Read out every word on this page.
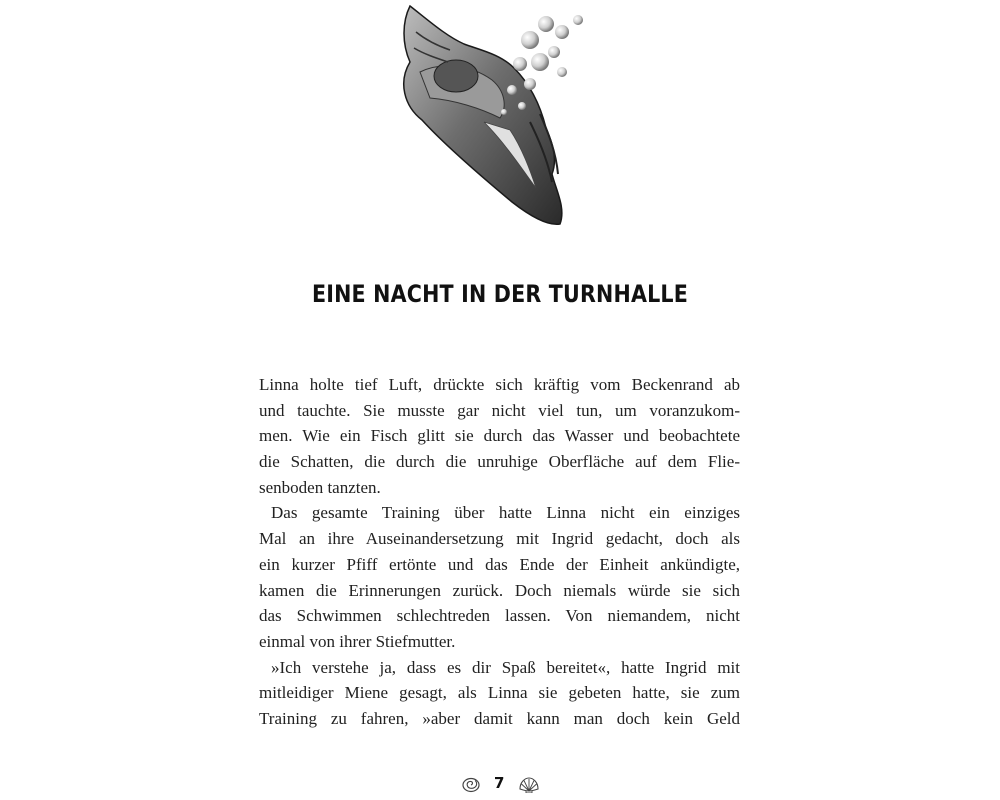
EINE NACHT IN DER TURNHALLE

Linna holte tief Luft, drückte sich kräftig vom Beckenrand ab
und tauchte. Sie musste gar nicht viel tun, um voranzukom-
men. Wie ein Fisch glitt sie durch das Wasser und beobachtete
die Schatten, die durch die unruhige Oberfläche auf dem Flie-
senboden tanzten.

Das gesamte Training über hatte Linna nicht ein einziges
Mal an ihre Auseinandersetzung mit Ingrid gedacht, doch als
ein kurzer Pfiff ertönte und das Ende der Einheit ankündigte,
kamen die Erinnerungen zurück. Doch niemals würde sie sich
das Schwimmen schlechtreden lassen. Von niemandem, nicht
einmal von ihrer Stiefmutter.

»Ich verstehe ja, dass es dir Spaß bereitet«, hatte Ingrid mit
mitleidiger Miene gesagt, als Linna sie gebeten hatte, sie zum
Training zu fahren, »aber damit kann man doch kein Geld

7
